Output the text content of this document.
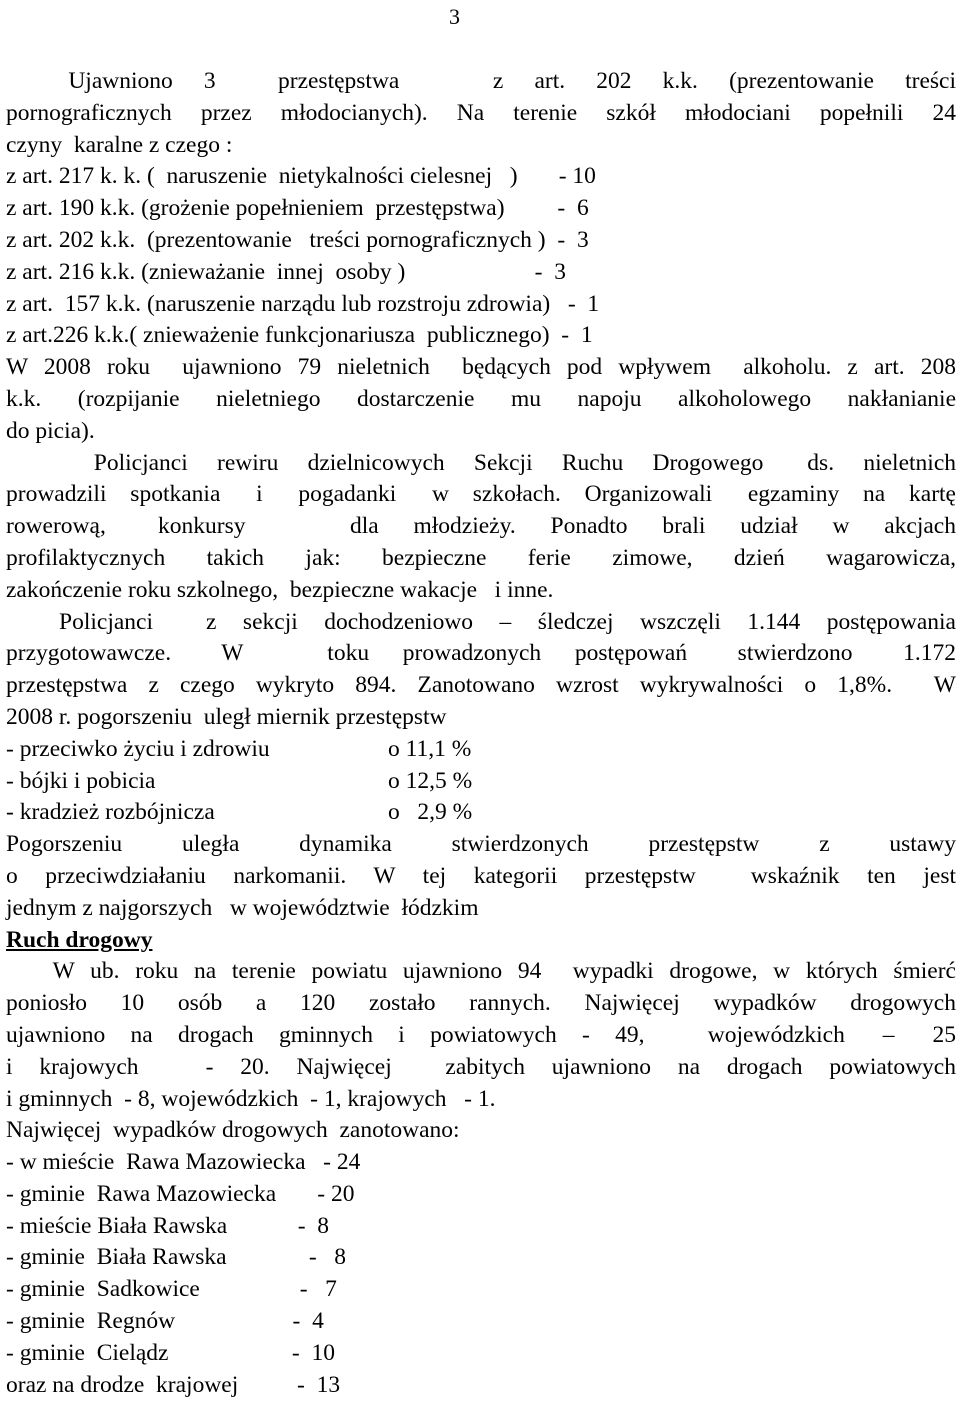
3
Ujawniono  3    przestępstwa      z  art.  202  k.k.  (prezentowanie  treści
pornograficznych przez młodocianych). Na terenie szkół młodociani popełnili 24
czyny  karalne z czego :
z art. 217 k. k. (  naruszenie  nietykalności cielesnej   )       - 10
z art. 190 k.k. (grożenie popełnieniem  przestępstwa)         -  6
z art. 202 k.k.  (prezentowanie   treści pornograficznych )  -  3
z art. 216 k.k. (znieważanie  innej  osoby )                      -  3
z art.  157 k.k. (naruszenie narządu lub rozstroju zdrowia)   -  1
z art.226 k.k.( znieważenie funkcjonariusza  publicznego)  -  1
W 2008 roku  ujawniono 79 nieletnich  będących pod wpływem  alkoholu. z art. 208
k.k.  (rozpijanie  nieletniego  dostarczenie  mu  napoju  alkoholowego  nakłanianie
do picia).
Policjanci  rewiru  dzielnicowych  Sekcji  Ruchu  Drogowego   ds.  nieletnich
prowadzili  spotkania   i   pogadanki   w  szkołach.  Organizowali   egzaminy  na  kartę
rowerową,   konkursy      dla  młodzieży.  Ponadto  brali  udział  w  akcjach
profilaktycznych  takich  jak:  bezpieczne  ferie  zimowe,  dzień  wagarowicza,
zakończenie roku szkolnego,  bezpieczne wakacje   i inne.
Policjanci    z  sekcji  dochodzeniowo  –  śledczej  wszczęli  1.144  postępowania
przygotowawcze.   W     toku  prowadzonych  postępowań   stwierdzono   1.172
przestępstwa z czego wykryto 894. Zanotowano wzrost wykrywalności o 1,8%.  W
2008 r. pogorszeniu  uległ miernik przestępstw
- przeciwko życiu i zdrowiu	o 11,1 %
- bójki i pobicia	o 12,5 %
- kradzież rozbójnicza	o   2,9 %
Pogorszeniu   uległa   dynamika   stwierdzonych   przestępstw   z   ustawy
o  przeciwdziałaniu  narkomanii.  W  tej  kategorii  przestępstw    wskaźnik  ten  jest
jednym z najgorszych   w województwie  łódzkim
Ruch drogowy
W ub. roku na terenie powiatu ujawniono 94  wypadki drogowe, w których śmierć
poniosło  10  osób  a  120  zostało  rannych.  Najwięcej  wypadków  drogowych
ujawniono  na  drogach  gminnych  i  powiatowych  -  49,     wojewódzkich   –   25
i  krajowych     -  20.  Najwięcej    zabitych  ujawniono  na  drogach  powiatowych
i gminnych  - 8, wojewódzkich  - 1, krajowych   - 1.
Najwięcej  wypadków drogowych  zanotowano:
- w mieście  Rawa Mazowiecka   - 24
- gminie  Rawa Mazowiecka       - 20
- mieście Biała Rawska            -  8
- gminie  Biała Rawska              -   8
- gminie  Sadkowice                 -   7
- gminie  Regnów                    -  4
- gminie  Cielądz                     -  10
oraz na drodze  krajowej          -  13
